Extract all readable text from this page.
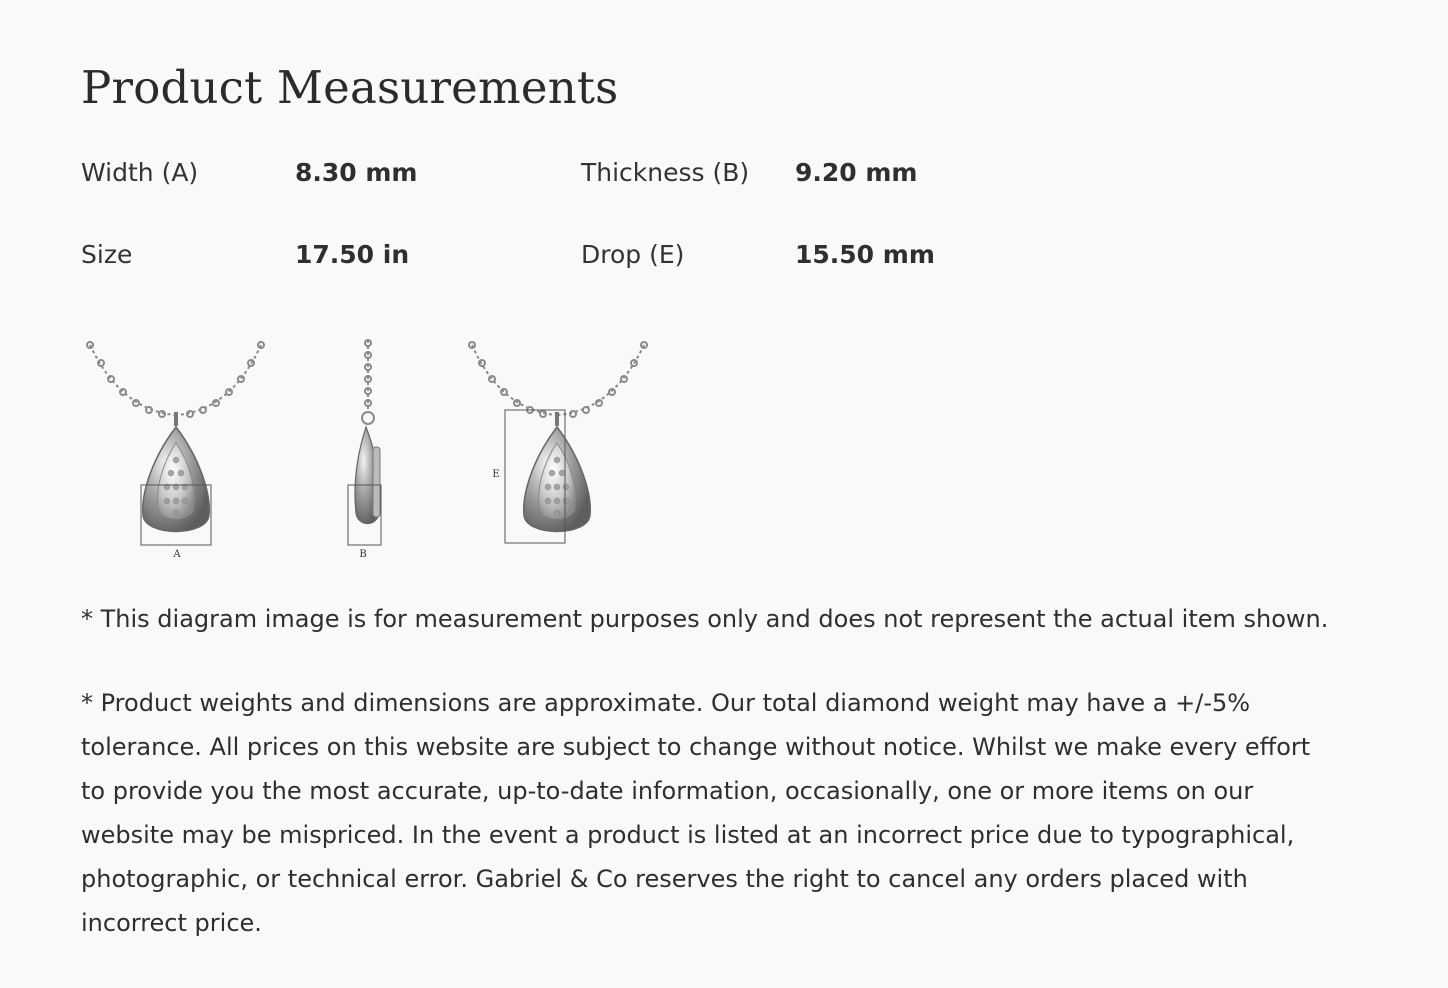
Product Measurements
Width (A)	8.30 mm	Thickness (B) 9.20 mm
Size	17.50 in	Drop (E)	15.50 mm
A	B
E

* This diagram image is for measurement purposes only and does not represent the actual item shown.

* Product weights and dimensions are approximate. Our total diamond weight may have a +/-5%
tolerance. All prices on this website are subject to change without notice. Whilst we make every effort
to provide you the most accurate, up-to-date information, occasionally, one or more items on our
website may be mispriced. In the event a product is listed at an incorrect price due to typographical,
photographic, or technical error. Gabriel & Co reserves the right to cancel any orders placed with
incorrect price.
